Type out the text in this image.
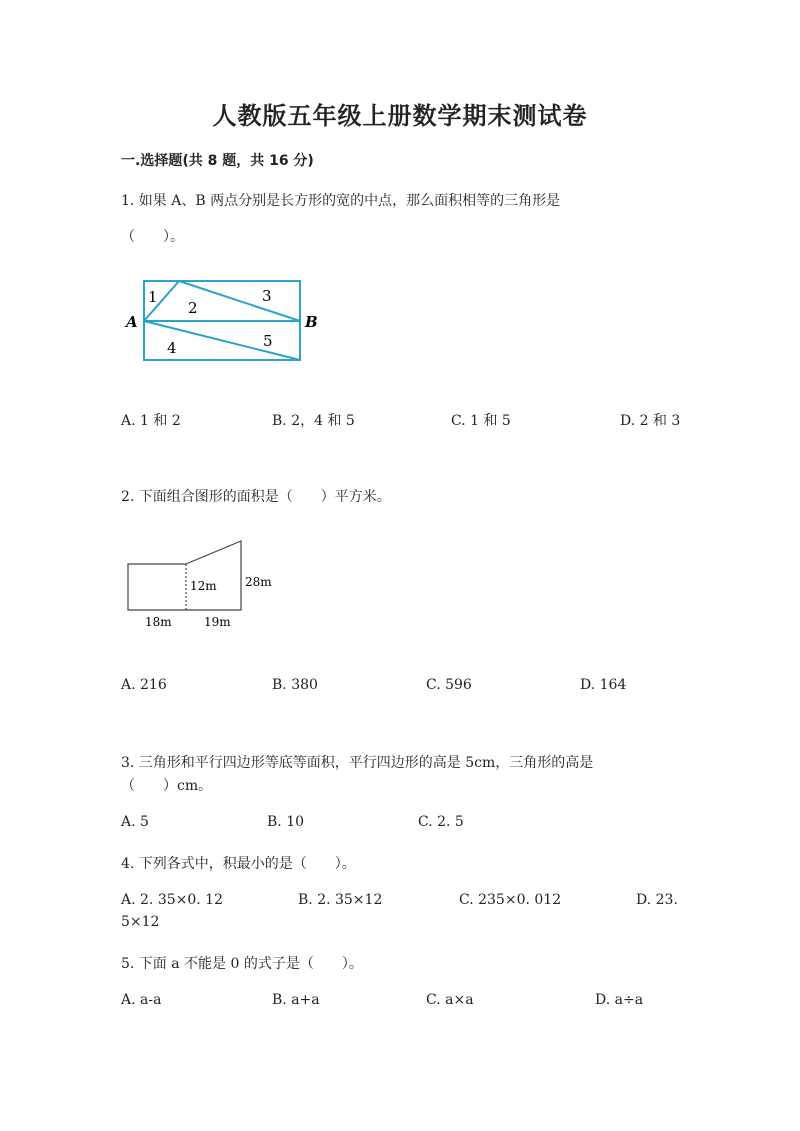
人教版五年级上册数学期末测试卷
一.选择题(共 8 题，共 16 分)
1. 如果 A、B 两点分别是长方形的宽的中点，那么面积相等的三角形是
（　　）。
1
2
3
4	5
A	B
A. 1 和 2	B. 2，4 和 5	C. 1 和 5	D. 2 和 3
2. 下面组合图形的面积是（　　）平方米。
12m 28m
18m	19m
A. 216	B. 380	C. 596	D. 164
3. 三角形和平行四边形等底等面积，平行四边形的高是 5cm，三角形的高是
（　　）cm。
A. 5	B. 10	C. 2. 5
4. 下列各式中，积最小的是（　　）。
A. 2. 35×0. 12	B. 2. 35×12	C. 235×0. 012	D. 23.
5×12
5. 下面 a 不能是 0 的式子是（　　）。
A. a-a	B. a+a	C. a×a	D. a÷a
